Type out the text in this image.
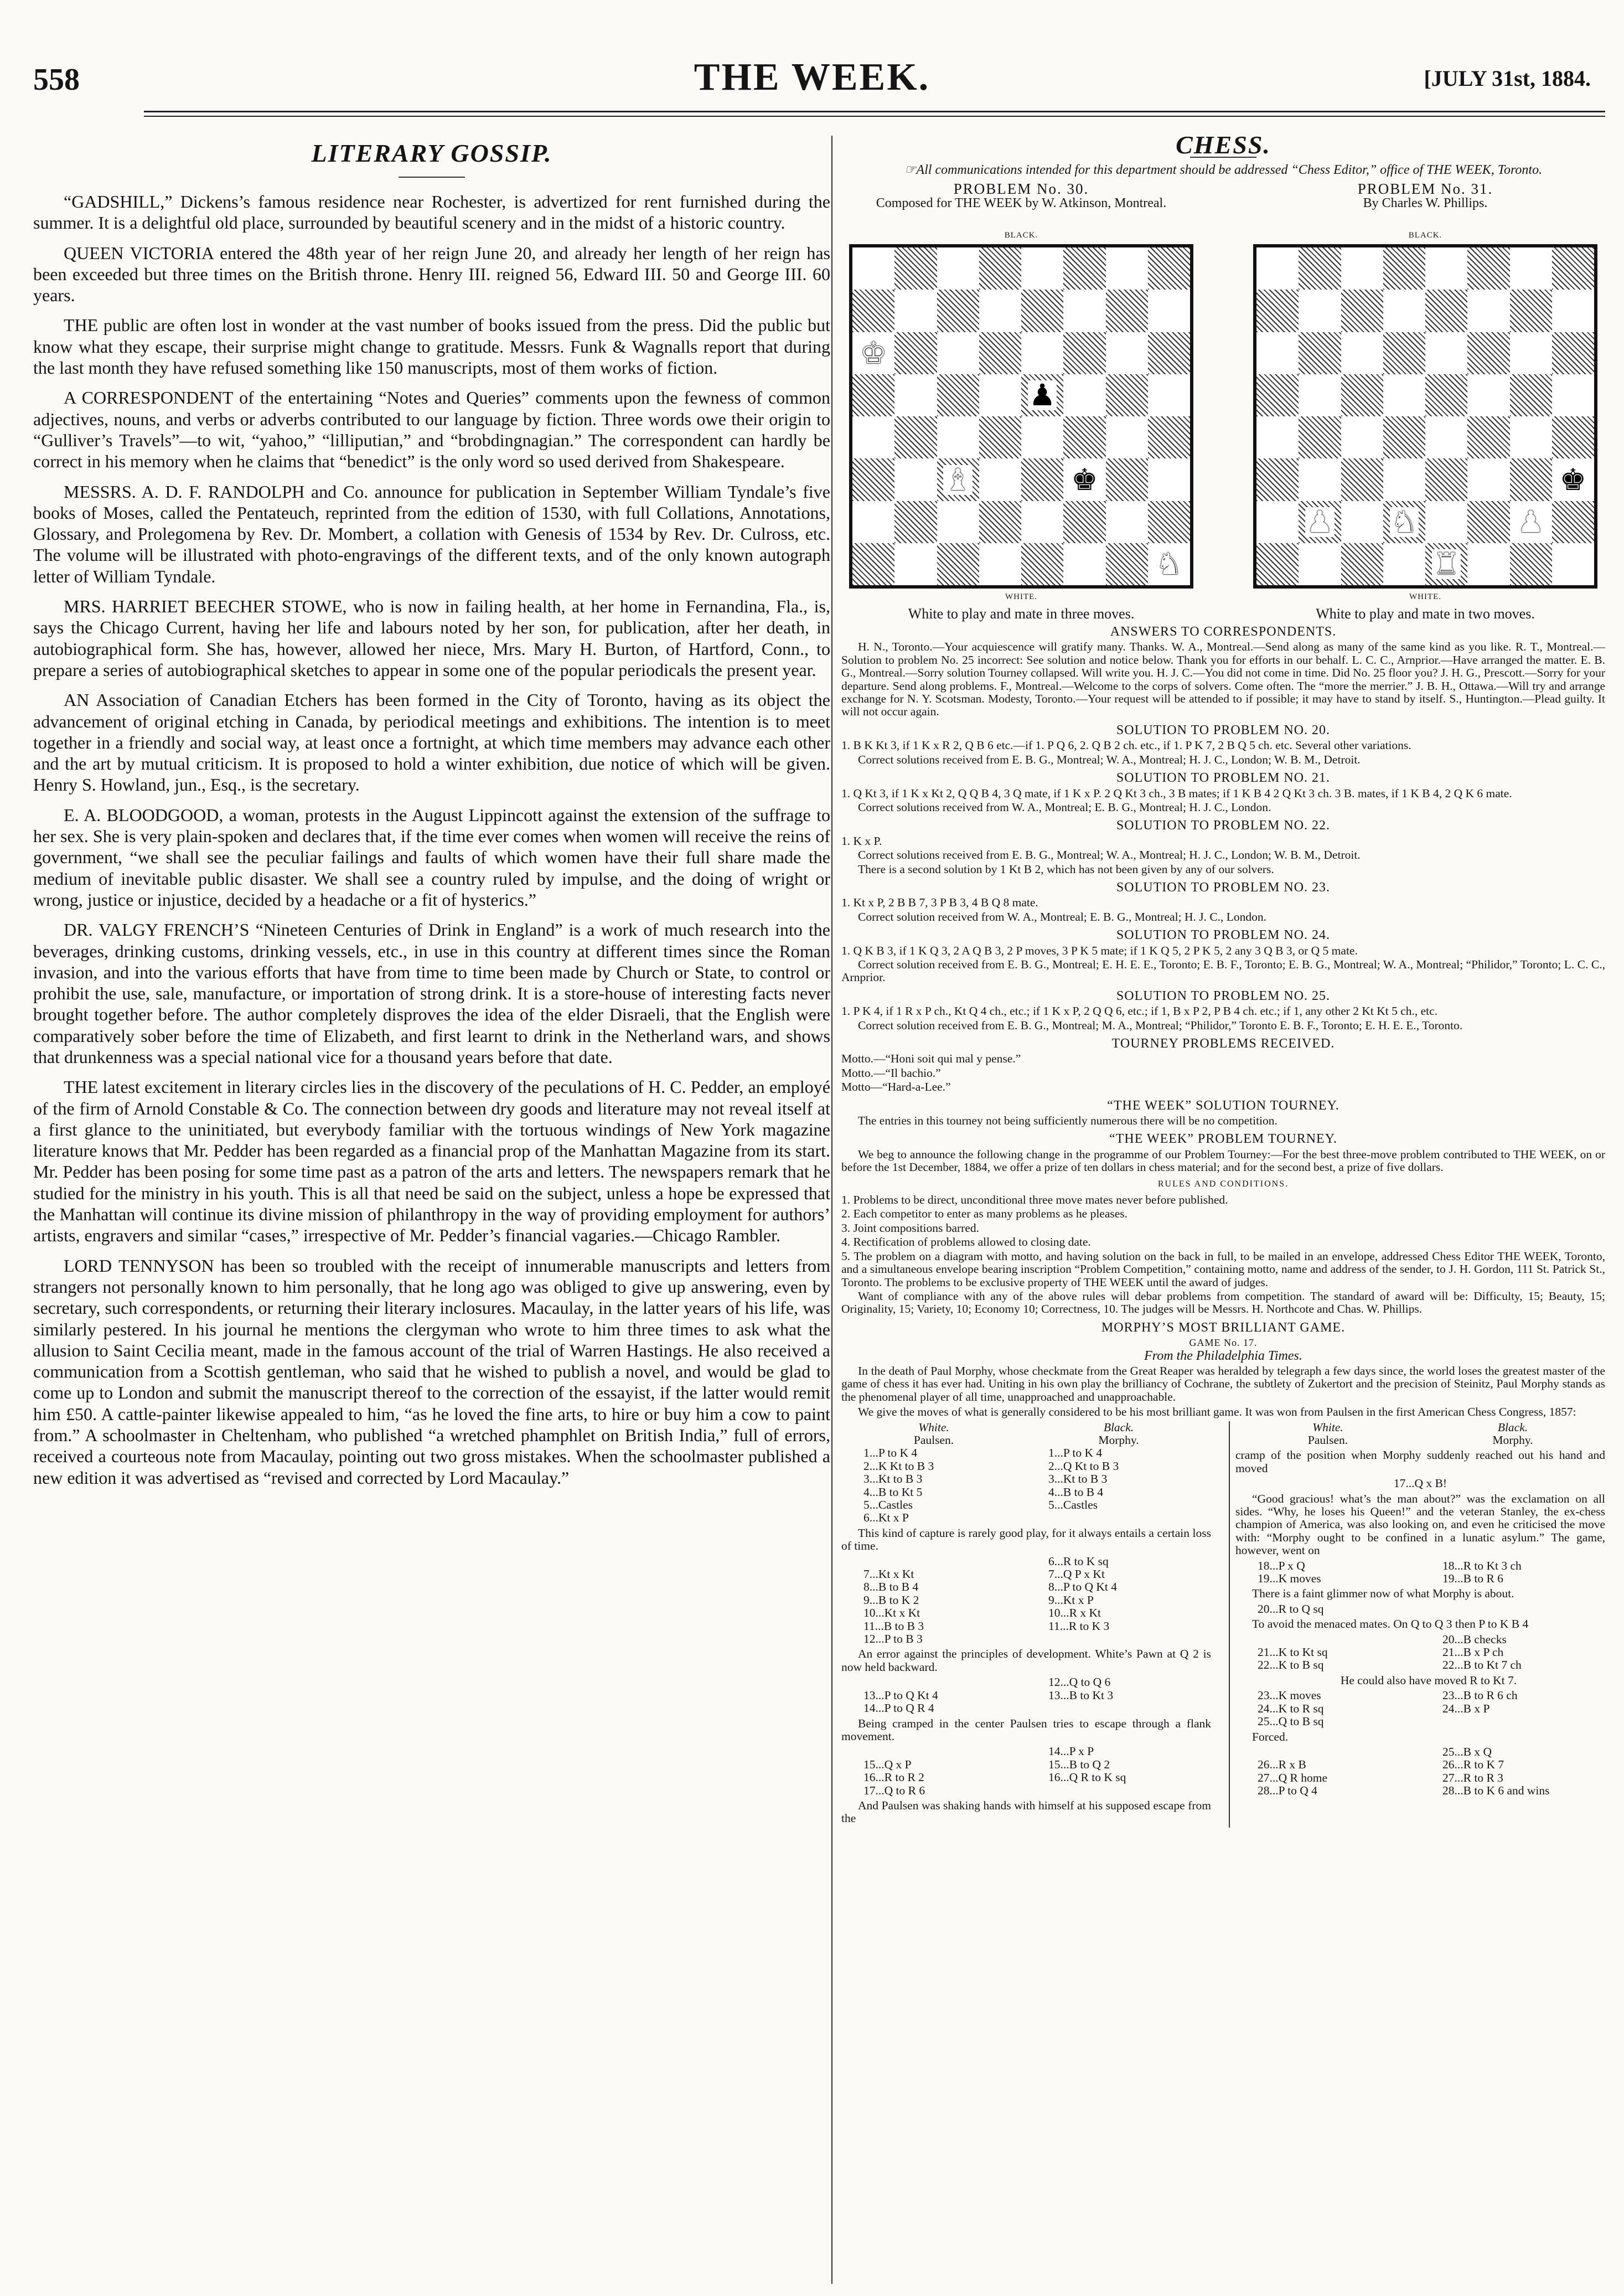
558	THE WEEK.	[JULY 31st, 1884.
LITERARY GOSSIP.

“GADSHILL,” Dickens’s famous residence near Rochester, is advertized for rent furnished during the summer. It is a delightful old place, surrounded by beautiful scenery and in the midst of a historic country.

QUEEN VICTORIA entered the 48th year of her reign June 20, and already her length of her reign has been exceeded but three times on the British throne. Henry III. reigned 56, Edward III. 50 and George III. 60 years.

THE public are often lost in wonder at the vast number of books issued from the press. Did the public but know what they escape, their surprise might change to gratitude. Messrs. Funk & Wagnalls report that during the last month they have refused something like 150 manuscripts, most of them works of fiction.

A CORRESPONDENT of the entertaining “Notes and Queries” comments upon the fewness of common adjectives, nouns, and verbs or adverbs contributed to our language by fiction. Three words owe their origin to “Gulliver’s Travels”—to wit, “yahoo,” “lilliputian,” and “brobdingnagian.” The correspondent can hardly be correct in his memory when he claims that “benedict” is the only word so used derived from Shakespeare.

MESSRS. A. D. F. RANDOLPH and Co. announce for publication in September William Tyndale’s five books of Moses, called the Pentateuch, reprinted from the edition of 1530, with full Collations, Annotations, Glossary, and Prolegomena by Rev. Dr. Mombert, a collation with Genesis of 1534 by Rev. Dr. Culross, etc. The volume will be illustrated with photo-engravings of the different texts, and of the only known autograph letter of William Tyndale.

MRS. HARRIET BEECHER STOWE, who is now in failing health, at her home in Fernandina, Fla., is, says the Chicago Current, having her life and labours noted by her son, for publication, after her death, in autobiographical form. She has, however, allowed her niece, Mrs. Mary H. Burton, of Hartford, Conn., to prepare a series of autobiographical sketches to appear in some one of the popular periodicals the present year.

AN Association of Canadian Etchers has been formed in the City of Toronto, having as its object the advancement of original etching in Canada, by periodical meetings and exhibitions. The intention is to meet together in a friendly and social way, at least once a fortnight, at which time members may advance each other and the art by mutual criticism. It is proposed to hold a winter exhibition, due notice of which will be given. Henry S. Howland, jun., Esq., is the secretary.

E. A. BLOODGOOD, a woman, protests in the August Lippincott against the extension of the suffrage to her sex. She is very plain-spoken and declares that, if the time ever comes when women will receive the reins of government, “we shall see the peculiar failings and faults of which women have their full share made the medium of inevitable public disaster. We shall see a country ruled by impulse, and the doing of wright or wrong, justice or injustice, decided by a headache or a fit of hysterics.”

DR. VALGY FRENCH’S “Nineteen Centuries of Drink in England” is a work of much research into the beverages, drinking customs, drinking vessels, etc., in use in this country at different times since the Roman invasion, and into the various efforts that have from time to time been made by Church or State, to control or prohibit the use, sale, manufacture, or importation of strong drink. It is a store-house of interesting facts never brought together before. The author completely disproves the idea of the elder Disraeli, that the English were comparatively sober before the time of Elizabeth, and first learnt to drink in the Netherland wars, and shows that drunkenness was a special national vice for a thousand years before that date.

THE latest excitement in literary circles lies in the discovery of the peculations of H. C. Pedder, an employé of the firm of Arnold Constable & Co. The connection between dry goods and literature may not reveal itself at a first glance to the uninitiated, but everybody familiar with the tortuous windings of New York magazine literature knows that Mr. Pedder has been regarded as a financial prop of the Manhattan Magazine from its start. Mr. Pedder has been posing for some time past as a patron of the arts and letters. The newspapers remark that he studied for the ministry in his youth. This is all that need be said on the subject, unless a hope be expressed that the Manhattan will continue its divine mission of philanthropy in the way of providing employment for authors’ artists, engravers and similar “cases,” irrespective of Mr. Pedder’s financial vagaries.—Chicago Rambler.

LORD TENNYSON has been so troubled with the receipt of innumerable manuscripts and letters from strangers not personally known to him personally, that he long ago was obliged to give up answering, even by secretary, such correspondents, or returning their literary inclosures. Macaulay, in the latter years of his life, was similarly pestered. In his journal he mentions the clergyman who wrote to him three times to ask what the allusion to Saint Cecilia meant, made in the famous account of the trial of Warren Hastings. He also received a communication from a Scottish gentleman, who said that he wished to publish a novel, and would be glad to come up to London and submit the manuscript thereof to the correction of the essayist, if the latter would remit him £50. A cattle-painter likewise appealed to him, “as he loved the fine arts, to hire or buy him a cow to paint from.” A schoolmaster in Cheltenham, who published “a wretched phamphlet on British India,” full of errors, received a courteous note from Macaulay, pointing out two gross mistakes. When the schoolmaster published a new edition it was advertised as “revised and corrected by Lord Macaulay.”

CHESS.

☞All communications intended for this department should be addressed “Chess Editor,” office of THE WEEK, Toronto.

PROBLEM No. 30.
Composed for THE WEEK by W. Atkinson, Montreal.
BLACK.
♚
♟
♝	♚
♞
WHITE.
White to play and mate in three moves.
PROBLEM No. 31.
By Charles W. Phillips.
BLACK.
♚
♟ ♞	♟
♜
WHITE.
White to play and mate in two moves.
ANSWERS TO CORRESPONDENTS.

H. N., Toronto.—Your acquiescence will gratify many. Thanks. W. A., Montreal.—Send along as many of the same kind as you like. R. T., Montreal.—Solution to problem No. 25 incorrect: See solution and notice below. Thank you for efforts in our behalf. L. C. C., Arnprior.—Have arranged the matter. E. B. G., Montreal.—Sorry solution Tourney collapsed. Will write you. H. J. C.—You did not come in time. Did No. 25 floor you? J. H. G., Prescott.—Sorry for your departure. Send along problems. F., Montreal.—Welcome to the corps of solvers. Come often. The “more the merrier.” J. B. H., Ottawa.—Will try and arrange exchange for N. Y. Scotsman. Modesty, Toronto.—Your request will be attended to if possible; it may have to stand by itself. S., Huntington.—Plead guilty. It will not occur again.

SOLUTION TO PROBLEM NO. 20.

1. B K Kt 3, if 1 K x R 2, Q B 6 etc.—if 1. P Q 6, 2. Q B 2 ch. etc., if 1. P K 7, 2 B Q 5 ch. etc. Several other variations.

Correct solutions received from E. B. G., Montreal; W. A., Montreal; H. J. C., London; W. B. M., Detroit.

SOLUTION TO PROBLEM NO. 21.

1. Q Kt 3, if 1 K x Kt 2, Q Q B 4, 3 Q mate, if 1 K x P. 2 Q Kt 3 ch., 3 B mates; if 1 K B 4 2 Q Kt 3 ch. 3 B. mates, if 1 K B 4, 2 Q K 6 mate.

Correct solutions received from W. A., Montreal; E. B. G., Montreal; H. J. C., London.

SOLUTION TO PROBLEM NO. 22.

1. K x P.

Correct solutions received from E. B. G., Montreal; W. A., Montreal; H. J. C., London; W. B. M., Detroit.

There is a second solution by 1 Kt B 2, which has not been given by any of our solvers.

SOLUTION TO PROBLEM NO. 23.

1. Kt x P, 2 B B 7, 3 P B 3, 4 B Q 8 mate.

Correct solution received from W. A., Montreal; E. B. G., Montreal; H. J. C., London.

SOLUTION TO PROBLEM NO. 24.

1. Q K B 3, if 1 K Q 3, 2 A Q B 3, 2 P moves, 3 P K 5 mate; if 1 K Q 5, 2 P K 5, 2 any 3 Q B 3, or Q 5 mate.

Correct solution received from E. B. G., Montreal; E. H. E. E., Toronto; E. B. F., Toronto; E. B. G., Montreal; W. A., Montreal; “Philidor,” Toronto; L. C. C., Arnprior.

SOLUTION TO PROBLEM NO. 25.

1. P K 4, if 1 R x P ch., Kt Q 4 ch., etc.; if 1 K x P, 2 Q Q 6, etc.; if 1, B x P 2, P B 4 ch. etc.; if 1, any other 2 Kt Kt 5 ch., etc.

Correct solution received from E. B. G., Montreal; M. A., Montreal; “Philidor,” Toronto E. B. F., Toronto; E. H. E. E., Toronto.

TOURNEY PROBLEMS RECEIVED.
Motto.—“Honi soit qui mal y pense.”
Motto.—“Il bachio.”
Motto—“Hard-a-Lee.”
“THE WEEK” SOLUTION TOURNEY.

The entries in this tourney not being sufficiently numerous there will be no competition.

“THE WEEK” PROBLEM TOURNEY.

We beg to announce the following change in the programme of our Problem Tourney:—For the best three-move problem contributed to THE WEEK, on or before the 1st December, 1884, we offer a prize of ten dollars in chess material; and for the second best, a prize of five dollars.

RULES AND CONDITIONS.

1. Problems to be direct, unconditional three move mates never before published.

2. Each competitor to enter as many problems as he pleases.

3. Joint compositions barred.

4. Rectification of problems allowed to closing date.

5. The problem on a diagram with motto, and having solution on the back in full, to be mailed in an envelope, addressed Chess Editor THE WEEK, Toronto, and a simultaneous envelope bearing inscription “Problem Competition,” containing motto, name and address of the sender, to J. H. Gordon, 111 St. Patrick St., Toronto. The problems to be exclusive property of THE WEEK until the award of judges.

Want of compliance with any of the above rules will debar problems from competition. The standard of award will be: Difficulty, 15; Beauty, 15; Originality, 15; Variety, 10; Economy 10; Correctness, 10. The judges will be Messrs. H. Northcote and Chas. W. Phillips.

MORPHY’S MOST BRILLIANT GAME.
GAME No. 17.
From the Philadelphia Times.

In the death of Paul Morphy, whose checkmate from the Great Reaper was heralded by telegraph a few days since, the world loses the greatest master of the game of chess it has ever had. Uniting in his own play the brilliancy of Cochrane, the subtlety of Zukertort and the precision of Steinitz, Paul Morphy stands as the phenomenal player of all time, unapproached and unapproachable.

We give the moves of what is generally considered to be his most brilliant game. It was won from Paulsen in the first American Chess Congress, 1857:

White.	Black.
Paulsen.	Morphy.
1...P to K 4	1...P to K 4
2...K Kt to B 3	2...Q Kt to B 3
3...Kt to B 3	3...Kt to B 3
4...B to Kt 5	4...B to B 4
5...Castles	5...Castles
6...Kt x P

This kind of capture is rarely good play, for it always entails a certain loss of time.

6...R to K sq
7...Kt x Kt	7...Q P x Kt
8...B to B 4	8...P to Q Kt 4
9...B to K 2	9...Kt x P
10...Kt x Kt	10...R x Kt
11...B to B 3	11...R to K 3
12...P to B 3

An error against the principles of development. White’s Pawn at Q 2 is now held backward.

12...Q to Q 6
13...P to Q Kt 4	13...B to Kt 3
14...P to Q R 4

Being cramped in the center Paulsen tries to escape through a flank movement.

14...P x P
15...Q x P	15...B to Q 2
16...R to R 2	16...Q R to K sq
17...Q to R 6

And Paulsen was shaking hands with himself at his supposed escape from the

White.	Black.
Paulsen.	Morphy.

cramp of the position when Morphy suddenly reached out his hand and moved

17...Q x B!

“Good gracious! what’s the man about?” was the exclamation on all sides. “Why, he loses his Queen!” and the veteran Stanley, the ex-chess champion of America, was also looking on, and even he criticised the move with: “Morphy ought to be confined in a lunatic asylum.” The game, however, went on

18...P x Q	18...R to Kt 3 ch
19...K moves	19...B to R 6

There is a faint glimmer now of what Morphy is about.

20...R to Q sq

To avoid the menaced mates. On Q to Q 3 then P to K B 4

20...B checks
21...K to Kt sq	21...B x P ch
22...K to B sq	22...B to Kt 7 ch

He could also have moved R to Kt 7.

23...K moves	23...B to R 6 ch
24...K to R sq	24...B x P
25...Q to B sq

Forced.

25...B x Q
26...R x B	26...R to K 7
27...Q R home	27...R to R 3
28...P to Q 4	28...B to K 6 and wins
